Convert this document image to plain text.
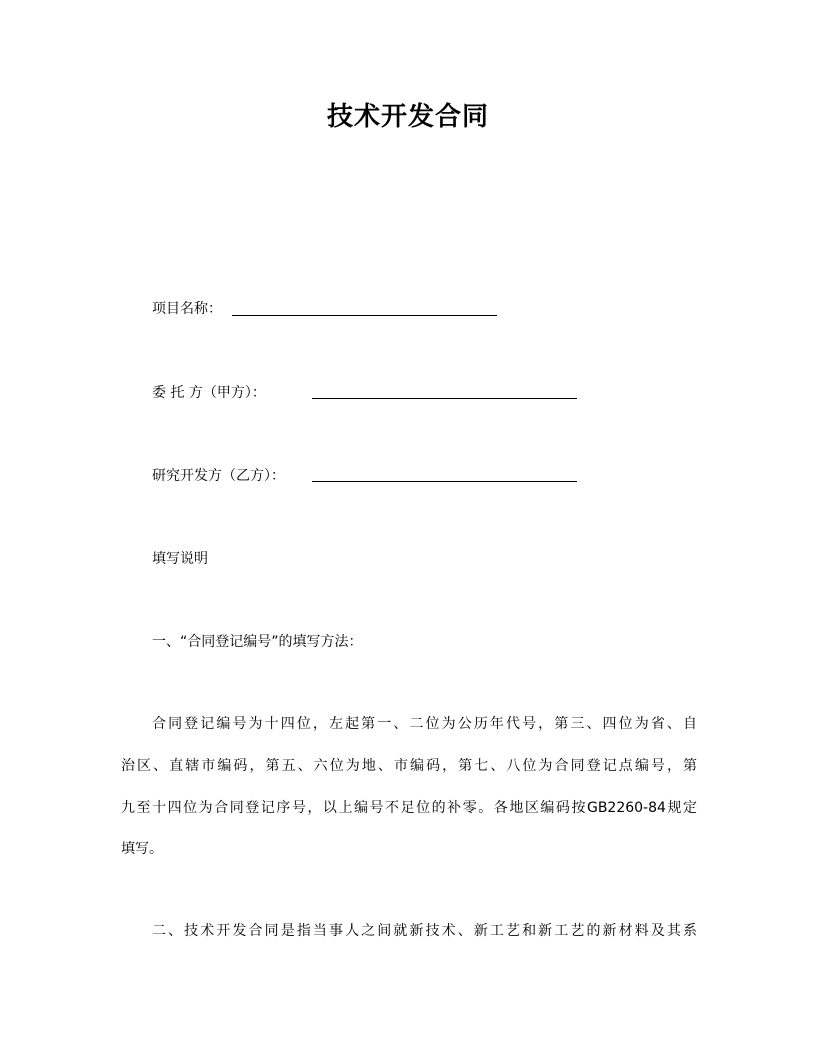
技术开发合同
项目名称：
委 托 方（甲方）：
研究开发方（乙方）：

填写说明

一、“合同登记编号”的填写方法：

合同登记编号为十四位，左起第一、二位为公历年代号，第三、四位为省、自

治区、直辖市编码，第五、六位为地、市编码，第七、八位为合同登记点编号，第

九至十四位为合同登记序号，以上编号不足位的补零。各地区编码按GB2260-84规定

填写。

二、技术开发合同是指当事人之间就新技术、新工艺和新工艺的新材料及其系
